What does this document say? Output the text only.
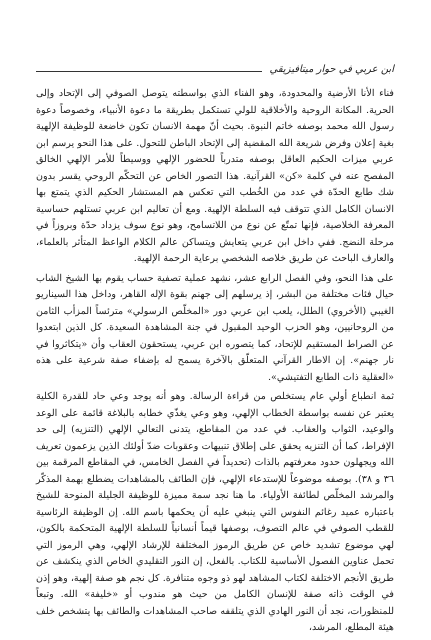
ابن عربي في حوار ميتافيزيقي

فناء الأنا الأرضية والمحدودة، وهو الفناء الذي بواسطته يتوصل الصوفي إلى الإتحاد وإلى الحرية. المكانة الروحية والأخلاقية للولي تستكمل بطريقة ما دعوة الأنبياء، وخصوصاً دعوة رسول الله محمد بوصفه خاتم النبوة. بحيث أنّ مهمة الانسان تكون خاضعة للوظيفة الإلهية بغية إعلان وفرض شريعة الله المقضية إلى الإتحاد الباطن للتحول. على هذا النحو يرسم ابن عربي ميزات الحكيم العاقل بوصفه متدرباً للحضور الإلهي ووسيطاً للأمر الإلهي الخالق المفصح عنه في كلمة «كن» القرآنية. هذا التصور الخاص عن التحكّم الروحي يقسر بدون شك طابع الحدّة في عدد من الخُطب التي تعكس هم المستشار الحكيم الذي يتمتع بها الانسان الكامل الذي تتوقف فيه السلطة الإلهية. ومع أن تعاليم ابن عربي تستلهم حساسية المعرفة الخلاصية، فإنها تمتّع عن نوع من اللاتسامح، وهو نوع سوف يزداد حدّة وبروزاً في مرحلة النضج. ففي داخل ابن عربي يتعايش ويتساكن عالم الكلام الواعظ المتأثر بالعلماء، والعارف الباحث عن طريق خلاصه الشخصي برعاية الرحمة الإلهية.

على هذا النحو، وفي الفصل الرابع عشر، نشهد عملية تصفية حساب يقوم بها الشيخ الشاب حيال فئات مختلفة من البشر، إذ يرسلهم إلى جهنم بقوة الإله القاهر، وداخل هذا السيناريو الغيبي (الأخروي) الطلل، يلعب ابن عربي دور «المخلّص الرسولي» مترئساً المزأب الثامن من الروحانيين، وهو الحزب الوحيد المقبول في جنة المشاهدة السعيدة. كل الذين ابتعدوا عن الصراط المستقيم للإتحاد، كما يتصوره ابن عربي، يستحقون العقاب وأن «يتكاثروا في نار جهنم». إن الاطار القرآني المتعلّق بالآخرة يسمح له بإضفاء صفة شرعية على هذه «العقلية ذات الطابع التفتيشي».

ثمة انطباع أولي عام يستخلص من قراءة الرسالة. وهو أنه يوجد وعي حاد للقدرة الكلية يعتبر عن نفسه بواسطة الخطاب الإلهي، وهو وعي يغذّي خطابه بالبلاغة قائمة على الوعد والوعيد، الثواب والعقاب. في عدد من المقاطع، يتدنى التعالي الإلهي (التنزيه) إلى حد الإفراط، كما أن التنزيه يحقق على إطلاق تنبيهات وعقوبات ضدّ أولئك الذين يزعمون تعريف الله ويجهلون حدود معرفتهم بالذات (تحديداً في الفصل الخامس، في المقاطع المرقمة بين ٣٦ و ٣٨). بوصفه موضوعاً للإستدعاء الإلهي، فإن الطائف بالمشاهدات يضطلع بهمة المذكّر والمرشد المخلّص لطائفة الأولياء. ما هنا نجد سمة مميزة للوظيفة الجليلة المنوحة للشيخ باعتباره عميد رغائم النفوس التي ينبغي عليه أن يحكمها باسم الله. إن الوظيفة الرئاسية للقطب الصوفي في عالم التصوف، بوصفها قيماً أنسانياً للسلطة الإلهية المتحكمة بالكون، لهي موضوع تشديد خاص عن طريق الرموز المختلفة للإرشاد الإلهي، وهي الرموز التي تحمل عناوين الفصول الأساسية للكتاب. بالفعل، إن النور التقليدي الخاص الذي ينكشف عن طريق الأنجم الاختلفة لكتاب المشاهد لهو ذو وجوه متنافرة. كل نجم هو صفة إلهية، وهو إذن في الوقت ذاته صفة للإنسان الكامل من حيث هو مندوب أو «خليفة» الله. وتبعاً للمنظورات، نجد أن النور الهادي الذي يتلقفه صاحب المشاهدات والطائف بها يتشخص خلف هيئة المطلع، المرشد،
